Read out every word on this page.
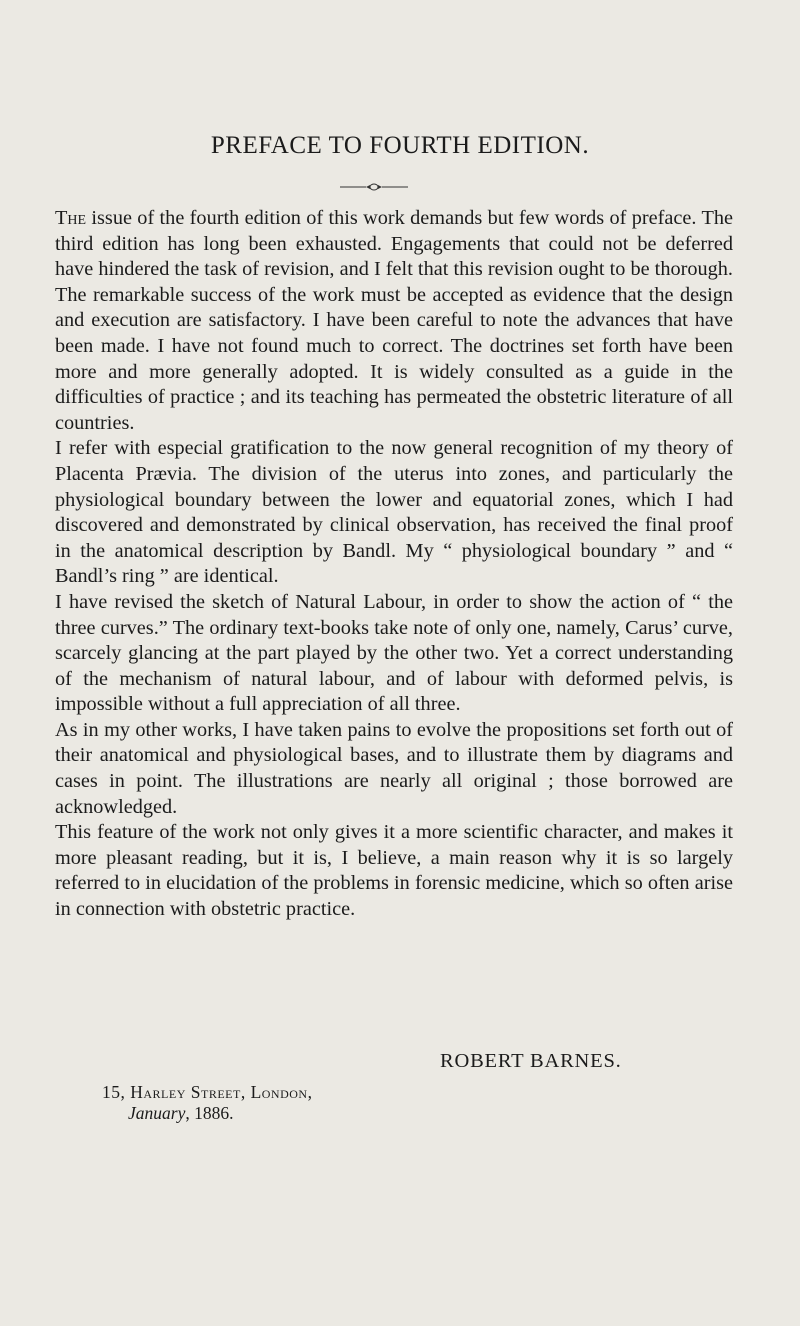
PREFACE TO FOURTH EDITION.

The issue of the fourth edition of this work demands but few words of preface. The third edition has long been exhausted. Engagements that could not be deferred have hindered the task of revision, and I felt that this revision ought to be thorough. The remarkable success of the work must be accepted as evidence that the design and execution are satisfactory. I have been careful to note the advances that have been made. I have not found much to correct. The doctrines set forth have been more and more generally adopted. It is widely consulted as a guide in the difficulties of practice ; and its teaching has permeated the obstetric literature of all countries.

I refer with especial gratification to the now general recognition of my theory of Placenta Prævia. The division of the uterus into zones, and particularly the physiological boundary between the lower and equatorial zones, which I had discovered and demonstrated by clinical observation, has received the final proof in the anatomical description by Bandl. My “ physiological boundary ” and “ Bandl’s ring ” are identical.

I have revised the sketch of Natural Labour, in order to show the action of “ the three curves.” The ordinary text-books take note of only one, namely, Carus’ curve, scarcely glancing at the part played by the other two. Yet a correct understanding of the mechanism of natural labour, and of labour with deformed pelvis, is impossible without a full appreciation of all three.

As in my other works, I have taken pains to evolve the propositions set forth out of their anatomical and physiological bases, and to illustrate them by diagrams and cases in point. The illustrations are nearly all original ; those borrowed are acknowledged.

This feature of the work not only gives it a more scientific character, and makes it more pleasant reading, but it is, I believe, a main reason why it is so largely referred to in elucidation of the problems in forensic medicine, which so often arise in connection with obstetric practice.

ROBERT BARNES.
15, Harley Street, London,
January, 1886.
